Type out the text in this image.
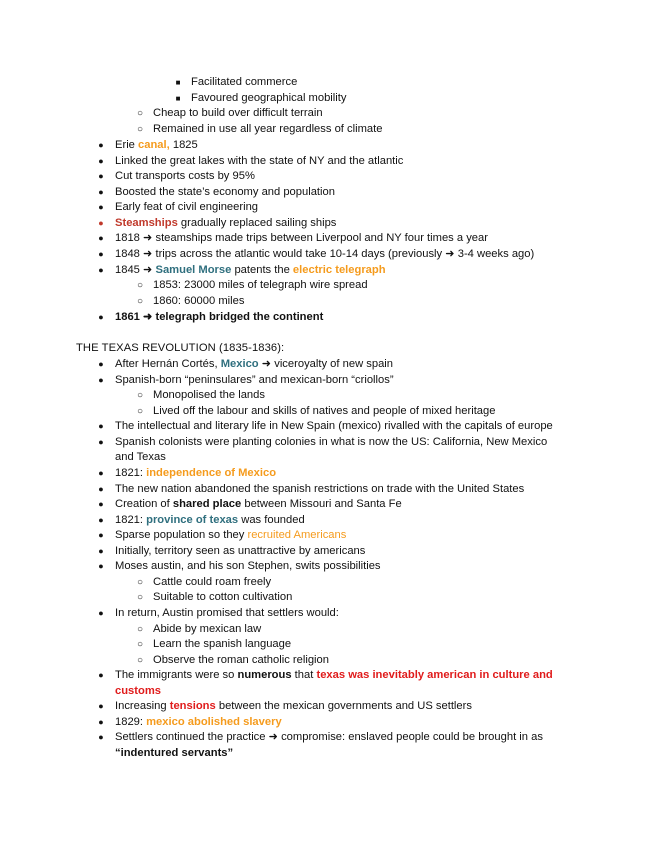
■ Facilitated commerce
■ Favoured geographical mobility
○ Cheap to build over difficult terrain
○ Remained in use all year regardless of climate
●	Erie canal, 1825
●	Linked the great lakes with the state of NY and the atlantic
●	Cut transports costs by 95%
●	Boosted the state’s economy and population
●	Early feat of civil engineering
●	Steamships gradually replaced sailing ships
●	1818 ➜ steamships made trips between Liverpool and NY four times a year
●	1848 ➜ trips across the atlantic would take 10-14 days (previously ➜ 3-4 weeks ago)
●	1845 ➜ Samuel Morse patents the electric telegraph
○ 1853: 23000 miles of telegraph wire spread
○ 1860: 60000 miles
●	1861 ➜ telegraph bridged the continent
THE TEXAS REVOLUTION (1835-1836):
●	After Hernán Cortés, Mexico ➜ viceroyalty of new spain
●	Spanish-born “peninsulares” and mexican-born “criollos”
○ Monopolised the lands
○ Lived off the labour and skills of natives and people of mixed heritage
●	The intellectual and literary life in New Spain (mexico) rivalled with the capitals of europe
●	Spanish colonists were planting colonies in what is now the US: California, New Mexico
and Texas
●	1821: independence of Mexico
●	The new nation abandoned the spanish restrictions on trade with the United States
●	Creation of shared place between Missouri and Santa Fe
●	1821: province of texas was founded
●	Sparse population so they recruited Americans
●	Initially, territory seen as unattractive by americans
●	Moses austin, and his son Stephen, swits possibilities
○ Cattle could roam freely
○ Suitable to cotton cultivation
●	In return, Austin promised that settlers would:
○ Abide by mexican law
○ Learn the spanish language
○ Observe the roman catholic religion
●	The immigrants were so numerous that texas was inevitably american in culture and
customs
●	Increasing tensions between the mexican governments and US settlers
●	1829: mexico abolished slavery
●	Settlers continued the practice ➜ compromise: enslaved people could be brought in as
“indentured servants”
